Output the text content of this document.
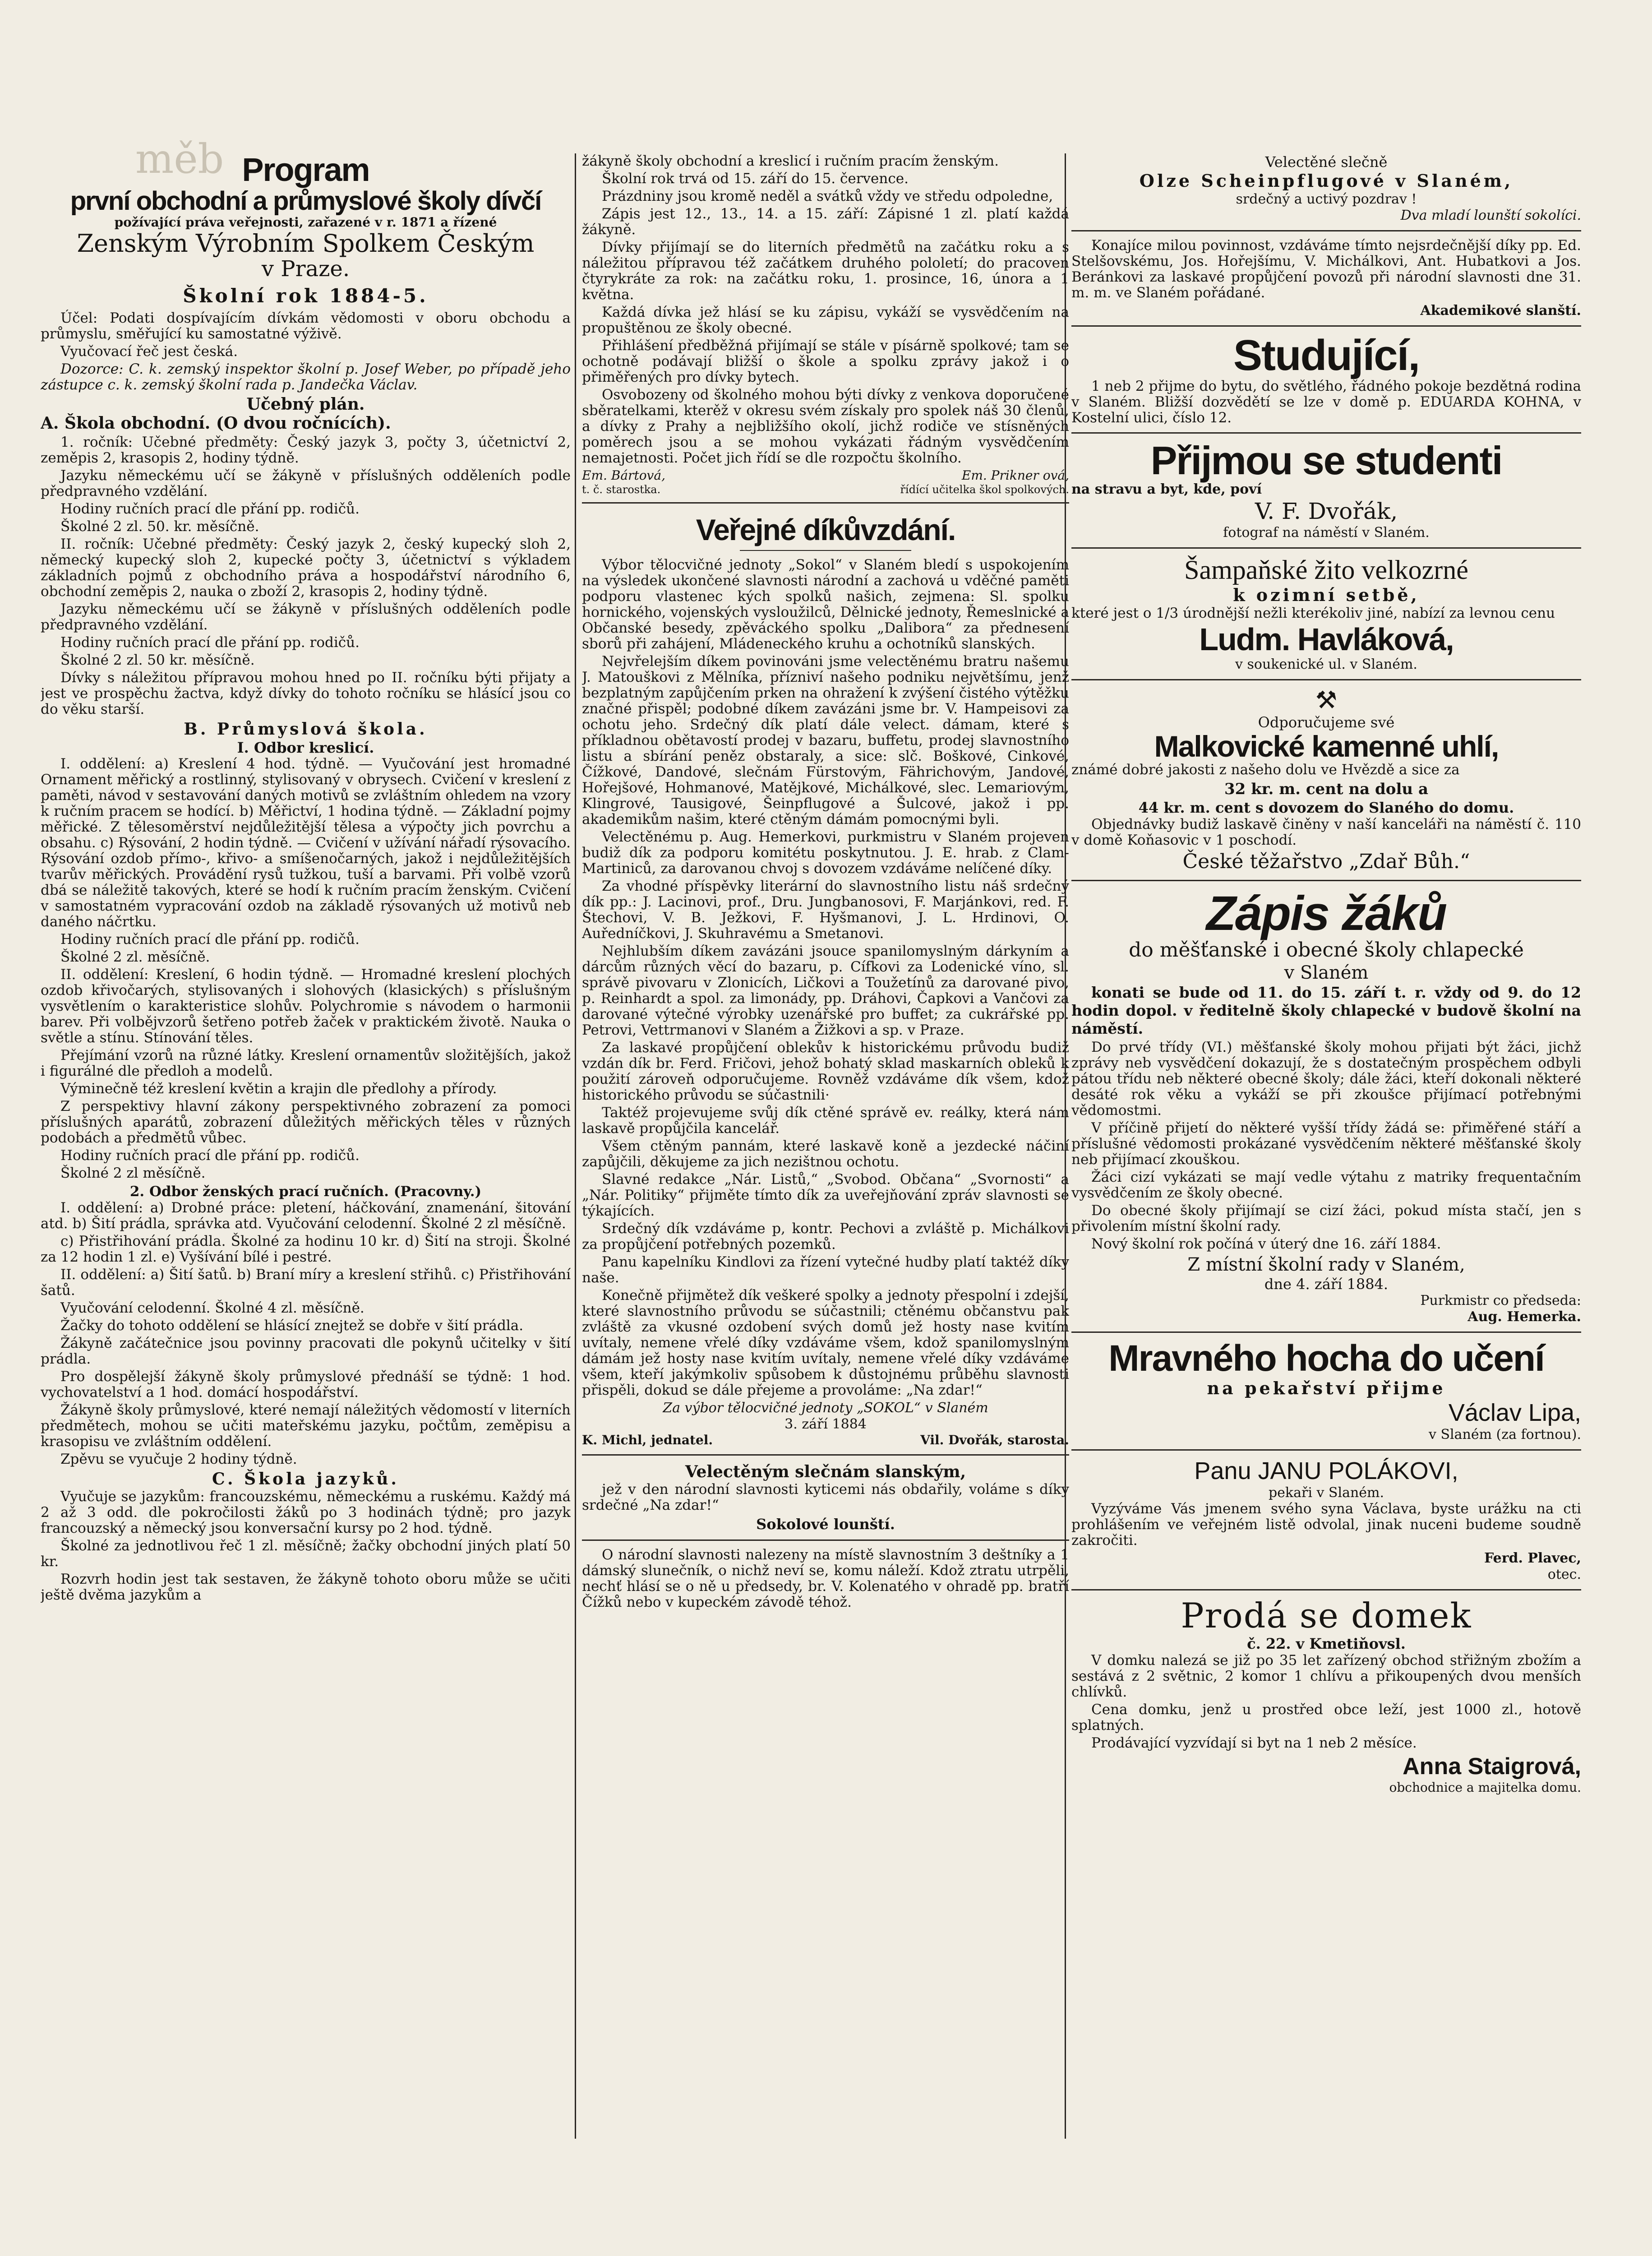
měb Program

první obchodní a průmyslové školy dívčí

požívající práva veřejnosti, zařazené v r. 1871 a řízené

Zenským Výrobním Spolkem Českým

v Praze.

Školní rok 1884-5.

Účel: Podati dospívajícím dívkám vědomosti v oboru obchodu a průmyslu, směřující ku samostatné výživě.

Vyučovací řeč jest česká.

Dozorce: C. k. zemský inspektor školní p. Josef Weber, po případě jeho zástupce c. k. zemský školní rada p. Jandečka Václav.

Učebný plán.

A. Škola obchodní. (O dvou ročnících).

1. ročník: Učebné předměty: Český jazyk 3, počty 3, účetnictví 2, zeměpis 2, krasopis 2, hodiny týdně.

Jazyku německému učí se žákyně v příslušných odděleních podle předpravného vzdělání.

Hodiny ručních prací dle přání pp. rodičů.

Školné 2 zl. 50. kr. měsíčně.

II. ročník: Učebné předměty: Český jazyk 2, český kupecký sloh 2, německý kupecký sloh 2, kupecké počty 3, účetnictví s výkladem základních pojmů z obchodního práva a hospodářství národního 6, obchodní zeměpis 2, nauka o zboží 2, krasopis 2, hodiny týdně.

Jazyku německému učí se žákyně v příslušných odděleních podle předpravného vzdělání.

Hodiny ručních prací dle přání pp. rodičů.

Školné 2 zl. 50 kr. měsíčně.

Dívky s náležitou přípravou mohou hned po II. ročníku býti přijaty a jest ve prospěchu žactva, když dívky do tohoto ročníku se hlásící jsou co do věku starší.

B. Průmyslová škola.

I. Odbor kreslicí.

I. oddělení: a) Kreslení 4 hod. týdně. — Vyučování jest hromadné Ornament měřický a rostlinný, stylisovaný v obrysech. Cvičení v kreslení z paměti, návod v sestavování daných motivů se zvláštním ohledem na vzory k ručním pracem se hodící. b) Měřictví, 1 hodina týdně. — Základní pojmy měřické. Z tělesoměrství nejdůležitější tělesa a výpočty jich povrchu a obsahu. c) Rýsování, 2 hodin týdně. — Cvičení v užívání nářadí rýsovacího. Rýsování ozdob přímo-, křivo- a smíšenočarných, jakož i nejdůležitějších tvarův měřických. Provádění rysů tužkou, tuší a barvami. Při volbě vzorů dbá se náležitě takových, které se hodí k ručním pracím ženským. Cvičení v samostatném vypracování ozdob na základě rýsovaných už motivů neb daného náčrtku.

Hodiny ručních prací dle přání pp. rodičů.

Školné 2 zl. měsíčně.

II. oddělení: Kreslení, 6 hodin týdně. — Hromadné kreslení plochých ozdob křivočarých, stylisovaných i slohových (klasických) s příslušným vysvětlením o karakteristice slohův. Polychromie s návodem o harmonii barev. Při volbějvzorů šetřeno potřeb žaček v praktickém životě. Nauka o světle a stínu. Stínování těles.

Přejímání vzorů na různé látky. Kreslení ornamentův složitějších, jakož i figurálné dle předloh a modelů.

Výminečně též kreslení květin a krajin dle předlohy a přírody.

Z perspektivy hlavní zákony perspektivného zobrazení za pomoci příslušných aparátů, zobrazení důležitých měřických těles v různých podobách a předmětů vůbec.

Hodiny ručních prací dle přání pp. rodičů.

Školné 2 zl měsíčně.

2. Odbor ženských prací ručních. (Pracovny.)

I. oddělení: a) Drobné práce: pletení, háčkování, znamenání, šitování atd. b) Šití prádla, správka atd. Vyučování celodenní. Školné 2 zl měsíčně.

c) Přistřihování prádla. Školné za hodinu 10 kr. d) Šití na stroji. Školné za 12 hodin 1 zl. e) Vyšívání bílé i pestré.

II. oddělení: a) Šití šatů. b) Braní míry a kreslení střihů. c) Přistřihování šatů.

Vyučování celodenní. Školné 4 zl. měsíčně.

Žačky do tohoto oddělení se hlásící znejtež se dobře v šití prádla.

Žákyně začátečnice jsou povinny pracovati dle pokynů učitelky v šití prádla.

Pro dospělejší žákyně školy průmyslové přednáší se týdně: 1 hod. vychovatelství a 1 hod. domácí hospodářství.

Žákyně školy průmyslové, které nemají náležitých vědomostí v literních předmětech, mohou se učiti mateřskému jazyku, počtům, zeměpisu a krasopisu ve zvláštním oddělení.

Zpěvu se vyučuje 2 hodiny týdně.

C. Škola jazyků.

Vyučuje se jazykům: francouzskému, německému a ruskému. Každý má 2 až 3 odd. dle pokročilosti žáků po 3 hodinách týdně; pro jazyk francouzský a německý jsou konversační kursy po 2 hod. týdně.

Školné za jednotlivou řeč 1 zl. měsíčně; žačky obchodní jiných platí 50 kr.

Rozvrh hodin jest tak sestaven, že žákyně tohoto oboru může se učiti ještě dvěma jazykům a

žákyně školy obchodní a kreslicí i ručním pracím ženským.

Školní rok trvá od 15. září do 15. července.

Prázdniny jsou kromě neděl a svátků vždy ve středu odpoledne,

Zápis jest 12., 13., 14. a 15. září: Zápisné 1 zl. platí každá žákyně.

Dívky přijímají se do literních předmětů na začátku roku a s náležitou přípravou též začátkem druhého pololetí; do pracoven čtyrykráte za rok: na začátku roku, 1. prosince, 16, února a 1 května.

Každá dívka jež hlásí se ku zápisu, vykáží se vysvědčením na propuštěnou ze školy obecné.

Přihlášení předběžná přijímají se stále v písárně spolkové; tam se ochotně podávají bližší o škole a spolku zprávy jakož i o přiměřených pro dívky bytech.

Osvobozeny od školného mohou býti dívky z venkova doporučené sběratelkami, kterěž v okresu svém získaly pro spolek náš 30 členů, a dívky z Prahy a nejbližšího okolí, jichž rodiče ve stísněných poměrech jsou a se mohou vykázati řádným vysvědčením nemajetnosti. Počet jich řídí se dle rozpočtu školního.

Em. Bártová,	Em. Prikner ová,
t. č. starostka.	řídící učitelka škol spolkových.

Veřejné díkůvzdání.

Výbor tělocvičné jednoty „Sokol“ v Slaném bledí s uspokojením na výsledek ukončené slavnosti národní a zachová u vděčné paměti podporu vlastenec kých spolků našich, zejmena: Sl. spolku hornického, vojenských vysloužilců, Dělnické jednoty, Řemeslnické a Občanské besedy, zpěváckého spolku „Dalibora“ za přednesení sborů při zahájení, Mládeneckého kruhu a ochotníků slanských.

Nejvřelejším díkem povinováni jsme velectěnému bratru našemu J. Matouškovi z Mělníka, přízniví našeho podniku největšímu, jenž bezplatným zapůjčením prken na ohražení k zvýšení čistého výtěžku značné přispěl; podobné díkem zavázáni jsme br. V. Hampeisovi za ochotu jeho. Srdečný dík platí dále velect. dámam, které s příkladnou obětavostí prodej v bazaru, buffetu, prodej slavnostního listu a sbírání peněz obstaraly, a sice: slč. Boškové, Cinkové, Čížkové, Dandové, slečnám Fürstovým, Fährichovým, Jandové, Hořejšové, Hohmanové, Matějkové, Michálkové, slec. Lemariovým, Klingrové, Tausigové, Šeinpflugové a Šulcové, jakož i pp. akademikům našim, které ctěným dámám pomocnými byli.

Velectěnému p. Aug. Hemerkovi, purkmistru v Slaném projeven budiž dík za podporu komitétu poskytnutou. J. E. hrab. z Clam-Martiniců, za darovanou chvoj s dovozem vzdáváme nelíčené díky.

Za vhodné příspěvky literární do slavnostního listu náš srdečný dík pp.: J. Lacinovi, prof., Dru. Jungbanosovi, F. Marjánkovi, red. F. Štechovi, V. B. Ježkovi, F. Hyšmanovi, J. L. Hrdinovi, O. Auředníčkovi, J. Skuhravému a Smetanovi.

Nejhlubším díkem zavázáni jsouce spanilomyslným dárkyním a dárcům různých věcí do bazaru, p. Cífkovi za Lodenické víno, sl. správě pivovaru v Zlonicích, Ličkovi a Toužetínů za darované pivo, p. Reinhardt a spol. za limonády, pp. Dráhovi, Čapkovi a Vančovi za darované výtečné výrobky uzenářské pro buffet; za cukrářské pp. Petrovi, Vettrmanovi v Slaném a Žižkovi a sp. v Praze.

Za laskavé propůjčení oblekův k historickému průvodu budiž vzdán dík br. Ferd. Fričovi, jehož bohatý sklad maskarních obleků k použití zároveň odporučujeme. Rovněž vzdáváme dík všem, kdož historického průvodu se súčastnili·

Taktéž projevujeme svůj dík ctěné správě ev. reálky, která nám laskavě propůjčila kancelář.

Všem ctěným pannám, které laskavě koně a jezdecké náčiní zapůjčili, děkujeme za jich nezištnou ochotu.

Slavné redakce „Nár. Listů,“ „Svobod. Občana“ „Svornosti“ a „Nár. Politiky“ přijměte tímto dík za uveřejňování zpráv slavnosti se týkajících.

Srdečný dík vzdáváme p, kontr. Pechovi a zvláště p. Michálkovi za propůjčení potřebných pozemků.

Panu kapelníku Kindlovi za řízení vytečné hudby platí taktéž díky naše.

Konečně přijmětež dík veškeré spolky a jednoty přespolní i zdejší, které slavnostního průvodu se súčastnili; ctěnému občanstvu pak zvláště za vkusné ozdobení svých domů jež hosty nase kvitím uvítaly, nemene vřelé díky vzdáváme všem, kdož spanilomyslným dámám jež hosty nase kvitím uvítaly, nemene vřelé díky vzdáváme všem, kteří jakýmkoliv spůsobem k důstojnému průběhu slavnosti přispěli, dokud se dále přejeme a provoláme: „Na zdar!“

Za výbor tělocvičné jednoty „SOKOL“ v Slaném

3. září 1884

K. Michl, jednatel.	Vil. Dvořák, starosta.

Velectěným slečnám slanským,

jež v den národní slavnosti kyticemi nás obdařily, voláme s díky srdečné „Na zdar!“

Sokolové lounští.

O národní slavnosti nalezeny na místě slavnostním 3 deštníky a 1 dámský slunečník, o nichž neví se, komu náleží. Kdož ztratu utrpěli, nechť hlásí se o ně u předsedy, br. V. Kolenatého v ohradě pp. bratří Čížků nebo v kupeckém závodě téhož.

Velectěné slečně

Olze Scheinpflugové v Slaném,

srdečný a uctivý pozdrav !

Dva mladí lounští sokolíci.

Konajíce milou povinnost, vzdáváme tímto nejsrdečnější díky pp. Ed. Stelšovskému, Jos. Hořejšímu, V. Michálkovi, Ant. Hubatkovi a Jos. Beránkovi za laskavé propůjčení povozů při národní slavnosti dne 31. m. m. ve Slaném pořádané.

Akademikové slanští.

Studující,

1 neb 2 přijme do bytu, do světlého, řádného pokoje bezdětná rodina v Slaném. Bližší dozvědětí se lze v domě p. EDUARDA KOHNA, v Kostelní ulici, číslo 12.

Přijmou se studenti

na stravu a byt, kde, poví

V. F. Dvořák,

fotograf na náměstí v Slaném.

Šampaňské žito velkozrné

k ozimní setbě,

které jest o 1/3 úrodnější nežli kterékoliv jiné, nabízí za levnou cenu

Ludm. Havláková,

v soukenické ul. v Slaném.

⚒

Odporučujeme své

Malkovické kamenné uhlí,

známé dobré jakosti z našeho dolu ve Hvězdě a sice za

32 kr. m. cent na dolu a

44 kr. m. cent s dovozem do Slaného do domu.

Objednávky budiž laskavě činěny v naší kanceláři na náměstí č. 110 v domě Koňasovic v 1 poschodí.

České těžařstvo „Zdař Bůh.“

Zápis žáků

do měšťanské i obecné školy chlapecké

v Slaném

konati se bude od 11. do 15. září t. r. vždy od 9. do 12 hodin dopol. v ředitelně školy chlapecké v budově školní na náměstí.

Do prvé třídy (VI.) měšťanské školy mohou přijati být žáci, jichž zprávy neb vysvědčení dokazují, že s dostatečným prospěchem odbyli pátou třídu neb některé obecné školy; dále žáci, kteří dokonali některé desáté rok věku a vykáží se při zkoušce přijímací potřebnými vědomostmi.

V příčině přijetí do některé vyšší třídy žádá se: přiměřené stáří a příslušné vědomosti prokázané vysvědčením některé měšťanské školy neb přijímací zkouškou.

Žáci cizí vykázati se mají vedle výtahu z matriky frequentačním vysvědčením ze školy obecné.

Do obecné školy přijímají se cizí žáci, pokud místa stačí, jen s přivolením místní školní rady.

Nový školní rok počíná v úterý dne 16. září 1884.

Z místní školní rady v Slaném,

dne 4. září 1884.

Purkmistr co předseda:

Aug. Hemerka.

Mravného hocha do učení

na pekařství přijme

Václav Lipa,

v Slaném (za fortnou).

Panu JANU POLÁKOVI,

pekaři v Slaném.

Vyzýváme Vás jmenem svého syna Václava, byste urážku na cti prohlášením ve veřejném listě odvolal, jinak nuceni budeme soudně zakročiti.

Ferd. Plavec,

otec.

Prodá se domek

č. 22. v Kmetiňovsl.

V domku nalezá se již po 35 let zařízený obchod střižným zbožím a sestává z 2 světnic, 2 komor 1 chlívu a přikoupených dvou menších chlívků.

Cena domku, jenž u prostřed obce leží, jest 1000 zl., hotově splatných.

Prodávající vyzvídají si byt na 1 neb 2 měsíce.

Anna Staigrová,

obchodnice a majitelka domu.
